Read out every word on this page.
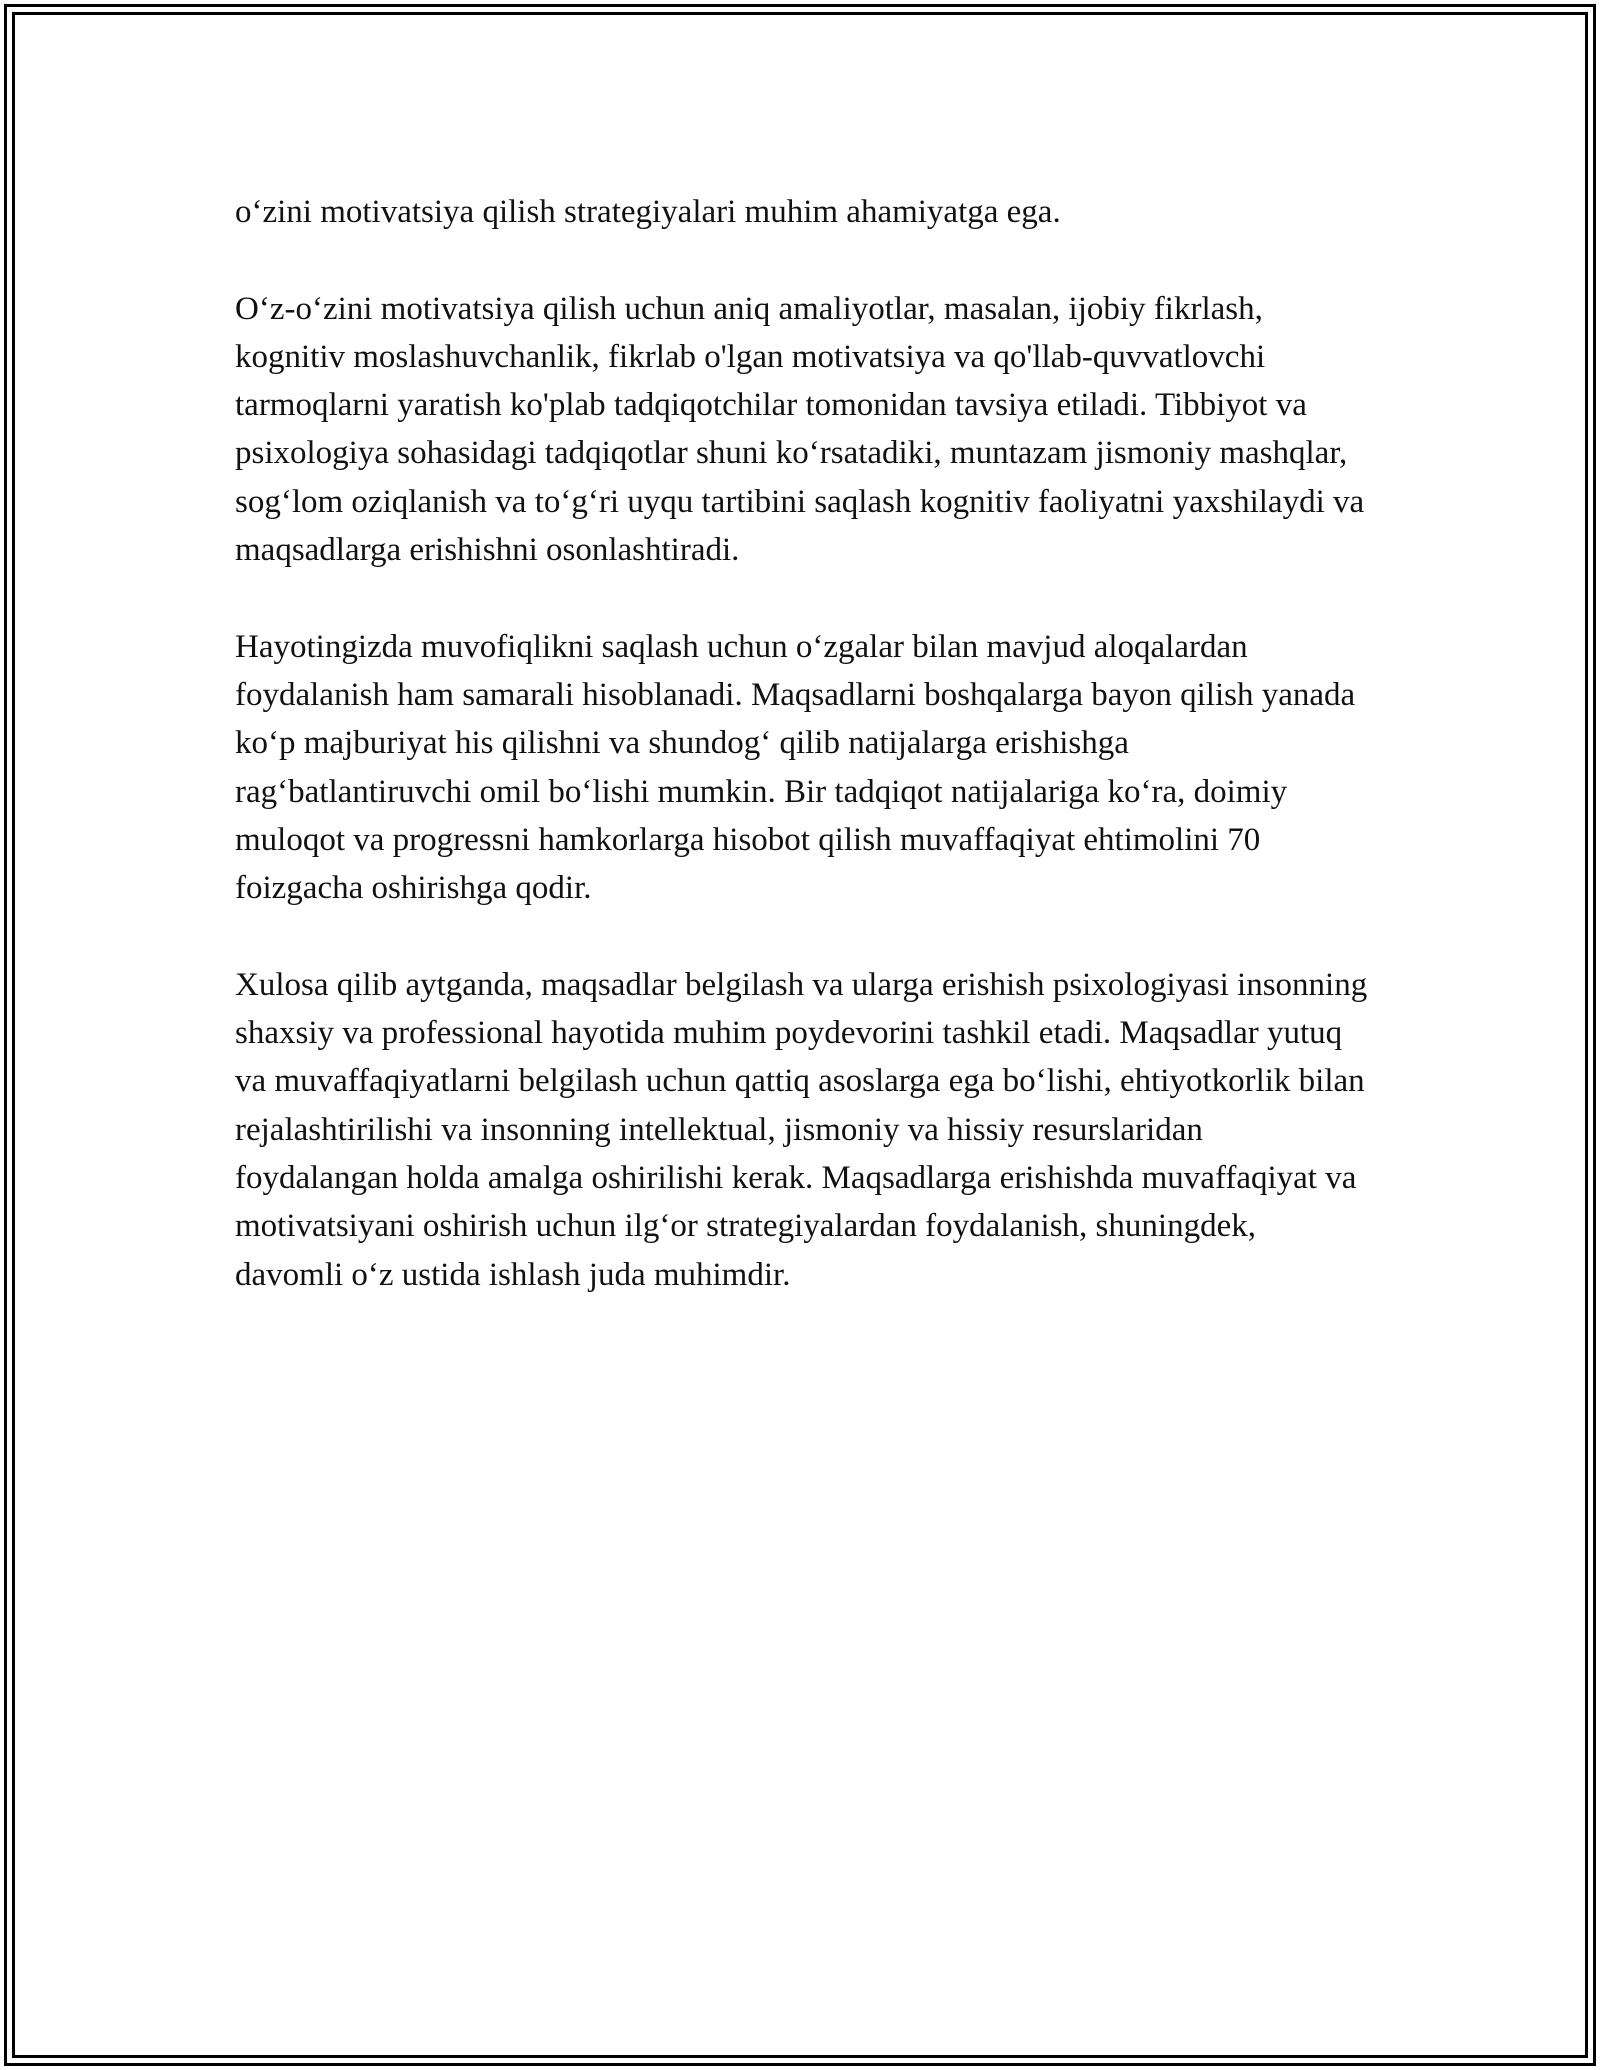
o‘zini motivatsiya qilish strategiyalari muhim ahamiyatga ega.

O‘z-o‘zini motivatsiya qilish uchun aniq amaliyotlar, masalan, ijobiy fikrlash, kognitiv moslashuvchanlik, fikrlab o'lgan motivatsiya va qo'llab-quvvatlovchi tarmoqlarni yaratish ko'plab tadqiqotchilar tomonidan tavsiya etiladi. Tibbiyot va psixologiya sohasidagi tadqiqotlar shuni ko‘rsatadiki, muntazam jismoniy mashqlar, sog‘lom oziqlanish va to‘g‘ri uyqu tartibini saqlash kognitiv faoliyatni yaxshilaydi va maqsadlarga erishishni osonlashtiradi.

Hayotingizda muvofiqlikni saqlash uchun o‘zgalar bilan mavjud aloqalardan foydalanish ham samarali hisoblanadi. Maqsadlarni boshqalarga bayon qilish yanada ko‘p majburiyat his qilishni va shundog‘ qilib natijalarga erishishga rag‘batlantiruvchi omil bo‘lishi mumkin. Bir tadqiqot natijalariga ko‘ra, doimiy muloqot va progressni hamkorlarga hisobot qilish muvaffaqiyat ehtimolini 70 foizgacha oshirishga qodir.

Xulosa qilib aytganda, maqsadlar belgilash va ularga erishish psixologiyasi insonning shaxsiy va professional hayotida muhim poydevorini tashkil etadi. Maqsadlar yutuq va muvaffaqiyatlarni belgilash uchun qattiq asoslarga ega bo‘lishi, ehtiyotkorlik bilan rejalashtirilishi va insonning intellektual, jismoniy va hissiy resurslaridan foydalangan holda amalga oshirilishi kerak. Maqsadlarga erishishda muvaffaqiyat va motivatsiyani oshirish uchun ilg‘or strategiyalardan foydalanish, shuningdek, davomli o‘z ustida ishlash juda muhimdir.
